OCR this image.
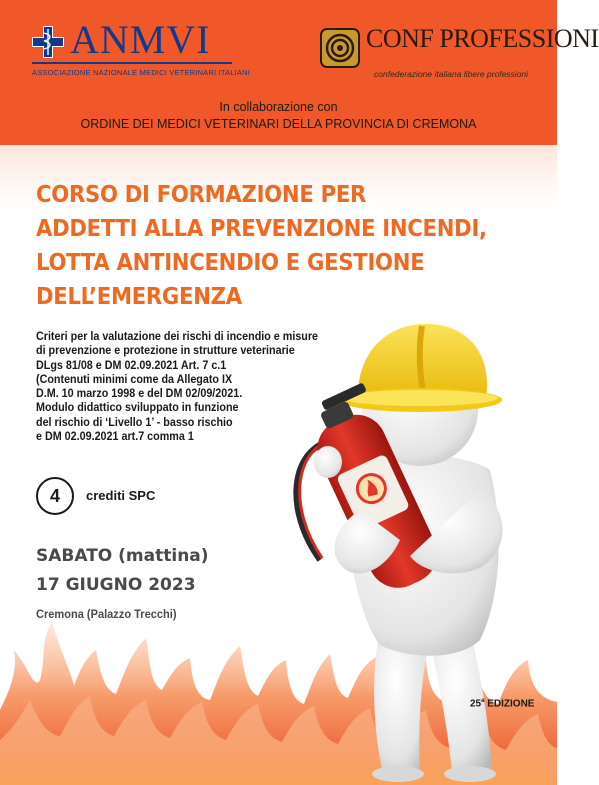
ANMVI
ASSOCIAZIONE NAZIONALE MEDICI VETERINARI ITALIANI
CONF PROFESSIONI
confederazione italiana libere professioni
In collaborazione con
ORDINE DEI MEDICI VETERINARI DELLA PROVINCIA DI CREMONA
CORSO DI FORMAZIONE PER
ADDETTI ALLA PREVENZIONE INCENDI,
LOTTA ANTINCENDIO E GESTIONE
DELL’EMERGENZA
Criteri per la valutazione dei rischi di incendio e misure
di prevenzione e protezione in strutture veterinarie
DLgs 81/08 e DM 02.09.2021 Art. 7 c.1
(Contenuti minimi come da Allegato IX
D.M. 10 marzo 1998 e del DM 02/09/2021.
Modulo didattico sviluppato in funzione
del rischio di ‘Livello 1’ - basso rischio
e DM 02.09.2021 art.7 comma 1
4	crediti SPC
SABATO (mattina)
17 GIUGNO 2023
Cremona (Palazzo Trecchi)
25$^a$ EDIZIONE
